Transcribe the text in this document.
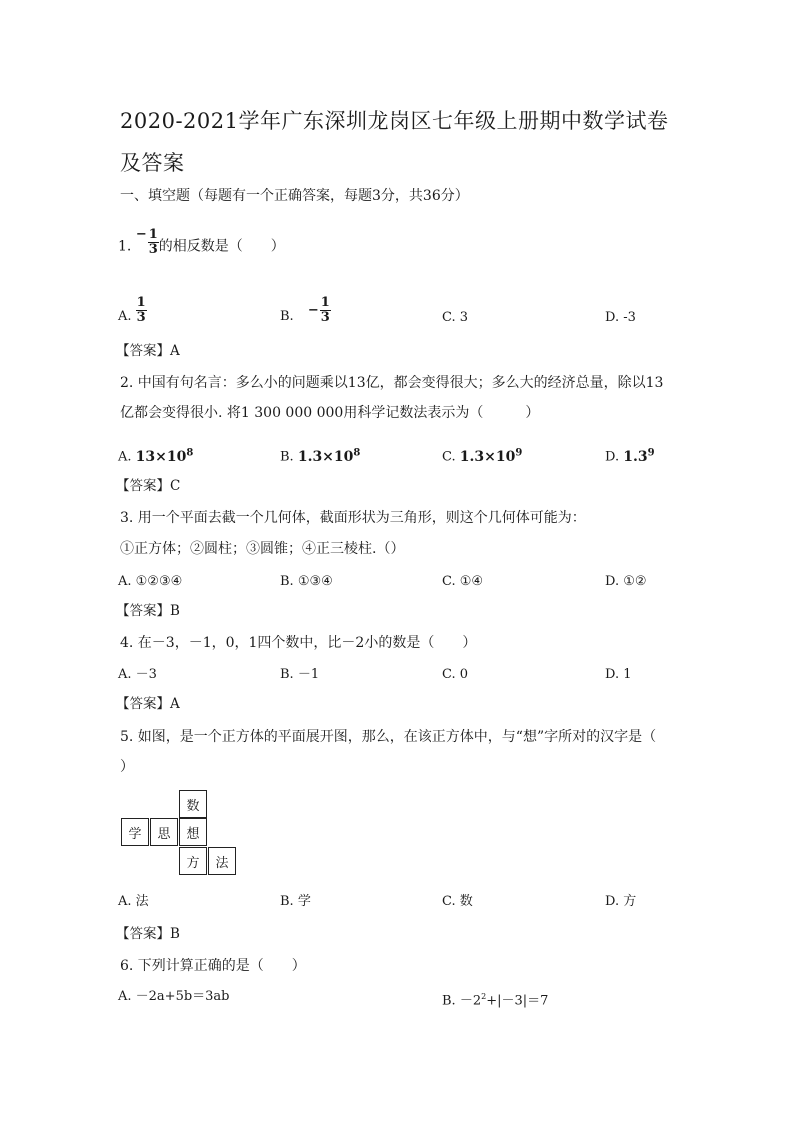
2020-2021学年广东深圳龙岗区七年级上册期中数学试卷及答案
一、填空题（每题有一个正确答案，每题3分，共36分）
1. − $\frac{1}{3}$ 的相反数是（　　）
A. $\frac{1}{3}$	B. − $\frac{1}{3}$	C. 3	D. -3
【答案】A
2. 中国有句名言：多么小的问题乘以13亿，都会变得很大；多么大的经济总量，除以13
亿都会变得很小. 将1 300 000 000用科学记数法表示为（　　　）
A. $13\times 10^8$	B. $1.3\times 10^8$	C. $1.3\times 10^9$	D. $1.3^9$
【答案】C
3. 用一个平面去截一个几何体，截面形状为三角形，则这个几何体可能为：
①正方体；②圆柱；③圆锥；④正三棱柱.（）
A. ①②③④	B. ①③④	C. ①④	D. ①②
【答案】B
4. 在－3，－1，0，1四个数中，比－2小的数是（　　）
A. －3	B. －1	C. 0	D. 1
【答案】A
5. 如图，是一个正方体的平面展开图，那么，在该正方体中，与“想”字所对的汉字是（
）
数
学	思	想
方	法
A. 法	B. 学	C. 数	D. 方
【答案】B
6. 下列计算正确的是（　　）
A. －2a+5b＝3ab	B. $-2^2+|-3|=7$
